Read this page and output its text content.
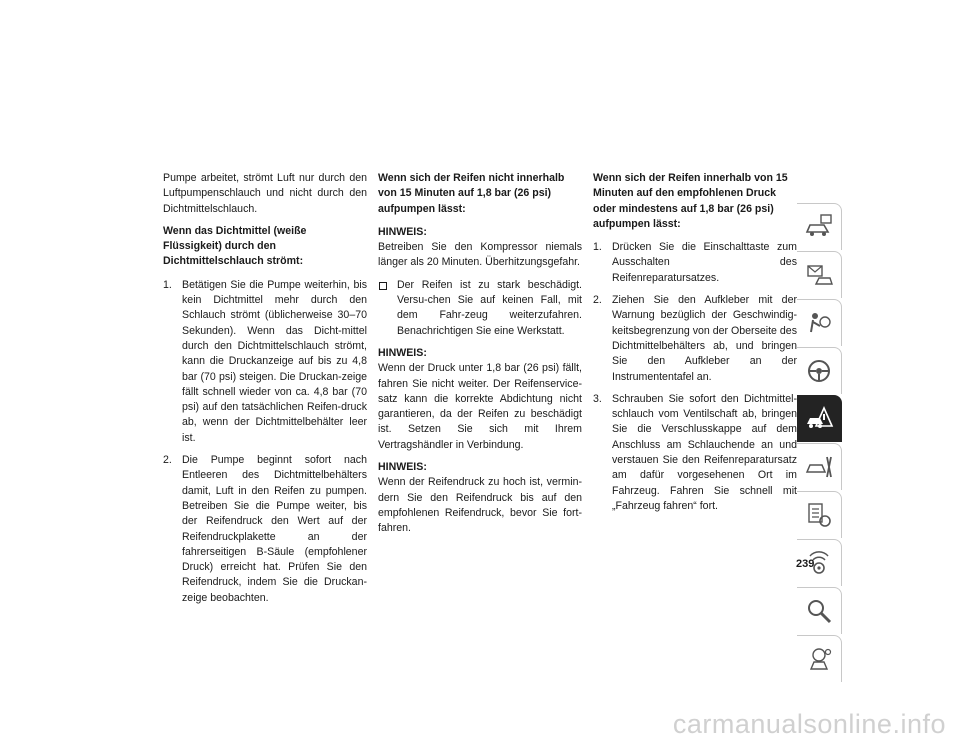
Pumpe arbeitet, strömt Luft nur durch den Luftpumpenschlauch und nicht durch den Dichtmittelschlauch.

Wenn das Dichtmittel (weiße Flüssigkeit) durch den Dichtmittelschlauch strömt:

1. Betätigen Sie die Pumpe weiterhin, bis kein Dichtmittel mehr durch den Schlauch strömt (üblicherweise 30–70 Sekunden). Wenn das Dicht-mittel durch den Dichtmittelschlauch strömt, kann die Druckanzeige auf bis zu 4,8 bar (70 psi) steigen. Die Druckan-zeige fällt schnell wieder von ca. 4,8 bar (70 psi) auf den tatsächlichen Reifen-druck ab, wenn der Dichtmittelbehälter leer ist.
2. Die Pumpe beginnt sofort nach Entleeren des Dichtmittelbehälters damit, Luft in den Reifen zu pumpen. Betreiben Sie die Pumpe weiter, bis der Reifendruck den Wert auf der Reifendruckplakette an der fahrerseitigen B-Säule (empfohlener Druck) erreicht hat. Prüfen Sie den Reifendruck, indem Sie die Druckan-zeige beobachten.

Wenn sich der Reifen nicht innerhalb von 15 Minuten auf 1,8 bar (26 psi) aufpumpen lässt:

HINWEIS:

Betreiben Sie den Kompressor niemals länger als 20 Minuten. Überhitzungsgefahr.

Der Reifen ist zu stark beschädigt. Versu-chen Sie auf keinen Fall, mit dem Fahr-zeug weiterzufahren. Benachrichtigen Sie eine Werkstatt.

HINWEIS:

Wenn der Druck unter 1,8 bar (26 psi) fällt, fahren Sie nicht weiter. Der Reifenservice-satz kann die korrekte Abdichtung nicht garantieren, da der Reifen zu beschädigt ist. Setzen Sie sich mit Ihrem Vertragshändler in Verbindung.

HINWEIS:

Wenn der Reifendruck zu hoch ist, vermin-dern Sie den Reifendruck bis auf den empfohlenen Reifendruck, bevor Sie fort-fahren.

Wenn sich der Reifen innerhalb von 15 Minuten auf den empfohlenen Druck oder mindestens auf 1,8 bar (26 psi) aufpumpen lässt:

1. Drücken Sie die Einschalttaste zum Ausschalten des Reifenreparatursatzes.
2. Ziehen Sie den Aufkleber mit der Warnung bezüglich der Geschwindig-keitsbegrenzung von der Oberseite des Dichtmittelbehälters ab, und bringen Sie den Aufkleber an der Instrumententafel an.
3. Schrauben Sie sofort den Dichtmittel-schlauch vom Ventilschaft ab, bringen Sie die Verschlusskappe auf dem Anschluss am Schlauchende an und verstauen Sie den Reifenreparatursatz am dafür vorgesehenen Ort im Fahrzeug. Fahren Sie schnell mit „Fahrzeug fahren“ fort.
239
carmanualsonline.info
